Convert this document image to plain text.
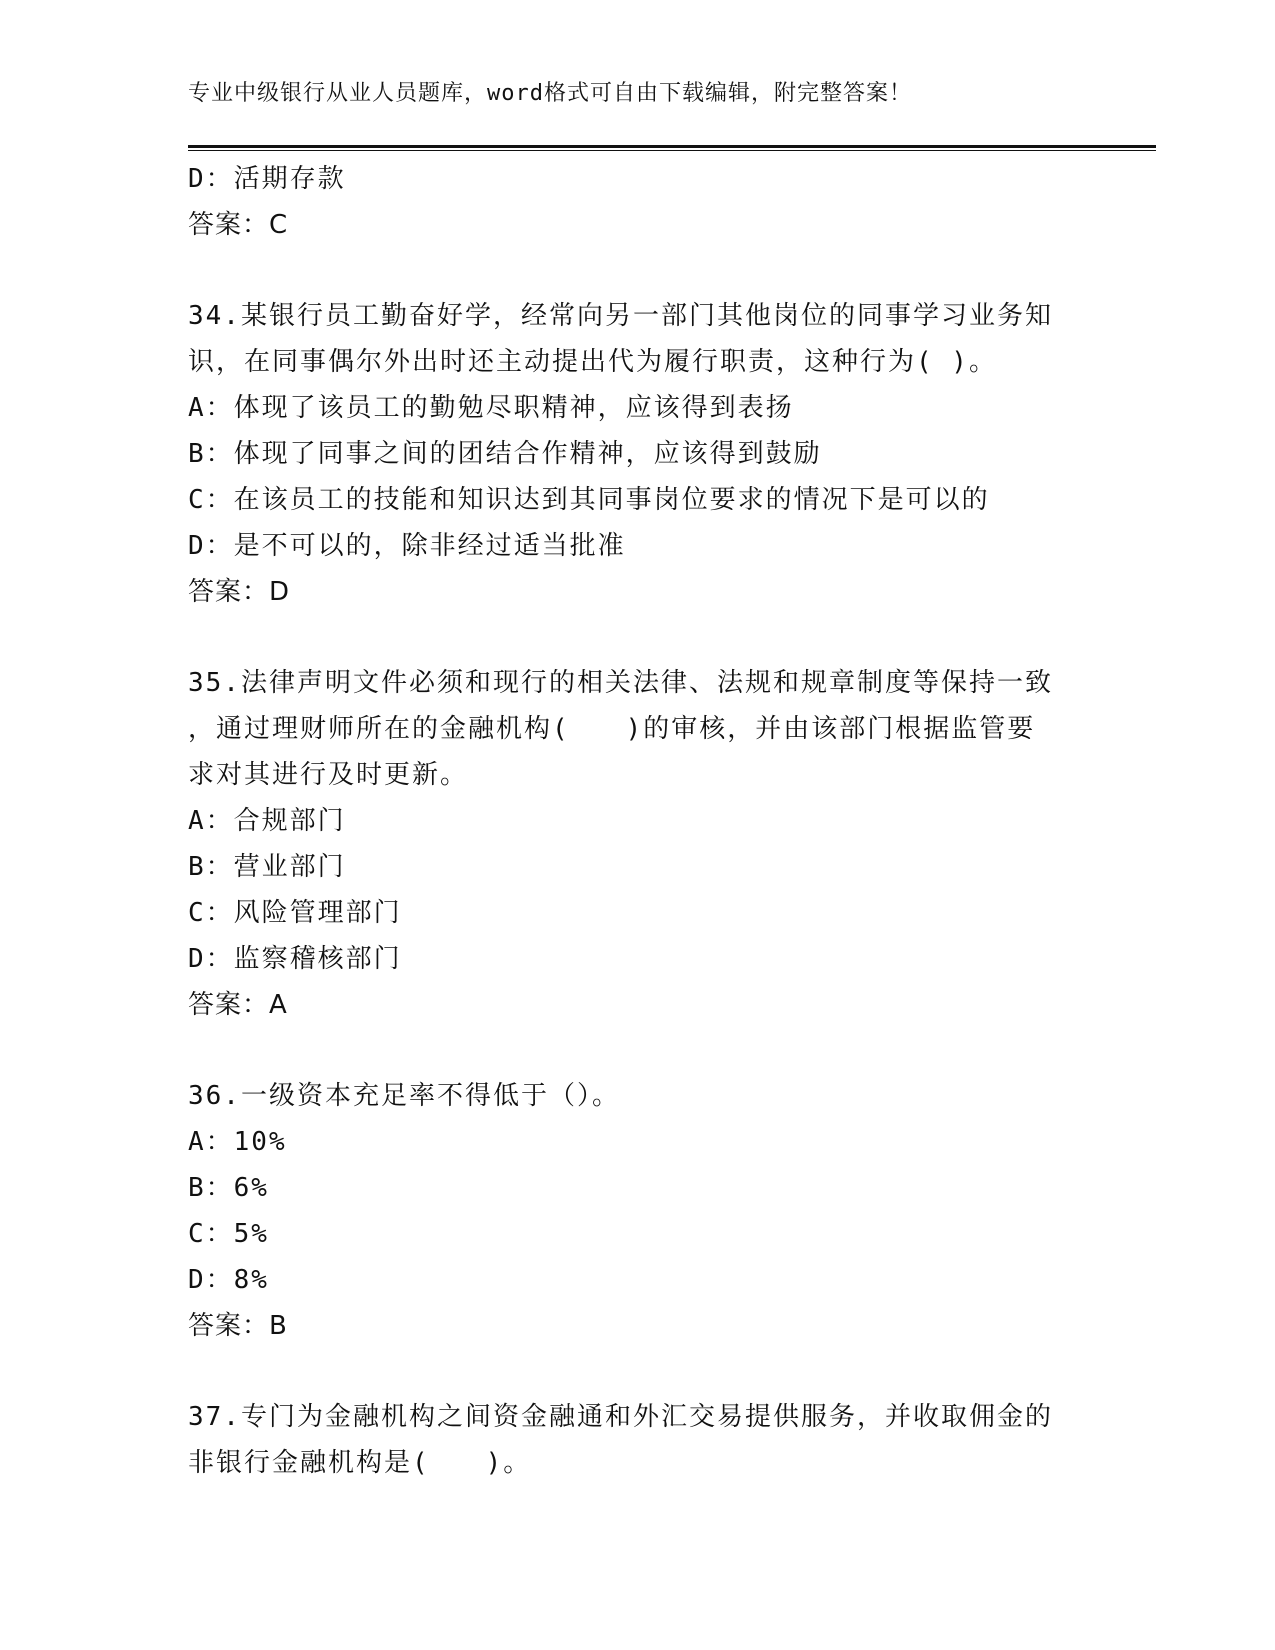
专业中级银行从业人员题库，word格式可自由下载编辑，附完整答案！
D：活期存款
答案：C
34.某银行员工勤奋好学，经常向另一部门其他岗位的同事学习业务知
识，在同事偶尔外出时还主动提出代为履行职责，这种行为( )。
A：体现了该员工的勤勉尽职精神，应该得到表扬
B：体现了同事之间的团结合作精神，应该得到鼓励
C：在该员工的技能和知识达到其同事岗位要求的情况下是可以的
D：是不可以的，除非经过适当批准
答案：D
35.法律声明文件必须和现行的相关法律、法规和规章制度等保持一致
，通过理财师所在的金融机构(　　)的审核，并由该部门根据监管要
求对其进行及时更新。
A：合规部门
B：营业部门
C：风险管理部门
D：监察稽核部门
答案：A
36.一级资本充足率不得低于（）。
A：10%
B：6%
C：5%
D：8%
答案：B
37.专门为金融机构之间资金融通和外汇交易提供服务，并收取佣金的
非银行金融机构是(　　)。
